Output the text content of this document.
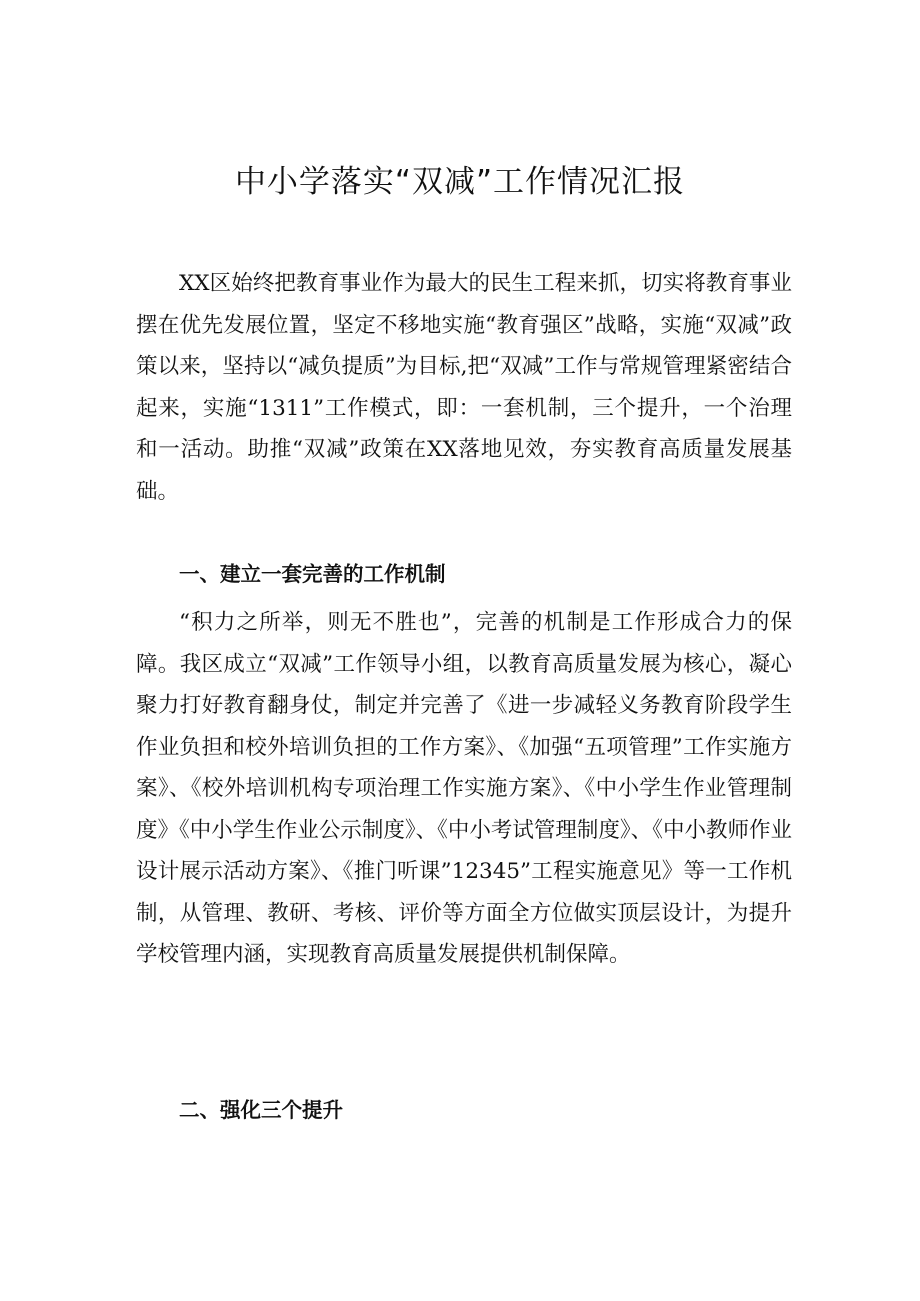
中小学落实“双减”工作情况汇报

XX区始终把教育事业作为最大的民生工程来抓，切实将教育事业摆在优先发展位置，坚定不移地实施“教育强区”战略，实施“双减”政策以来，坚持以“减负提质”为目标,把“双减”工作与常规管理紧密结合起来，实施“1311”工作模式，即：一套机制，三个提升，一个治理和一活动。助推“双减”政策在XX落地见效，夯实教育高质量发展基础。

一、建立一套完善的工作机制

“积力之所举，则无不胜也”，完善的机制是工作形成合力的保障。我区成立“双减”工作领导小组，以教育高质量发展为核心，凝心聚力打好教育翻身仗，制定并完善了《进一步减轻义务教育阶段学生作业负担和校外培训负担的工作方案》、《加强“五项管理”工作实施方案》、《校外培训机构专项治理工作实施方案》、《中小学生作业管理制度》《中小学生作业公示制度》、《中小考试管理制度》、《中小教师作业设计展示活动方案》、《推门听课”12345”工程实施意见》等一工作机制，从管理、教研、考核、评价等方面全方位做实顶层设计，为提升学校管理内涵，实现教育高质量发展提供机制保障。

二、强化三个提升
